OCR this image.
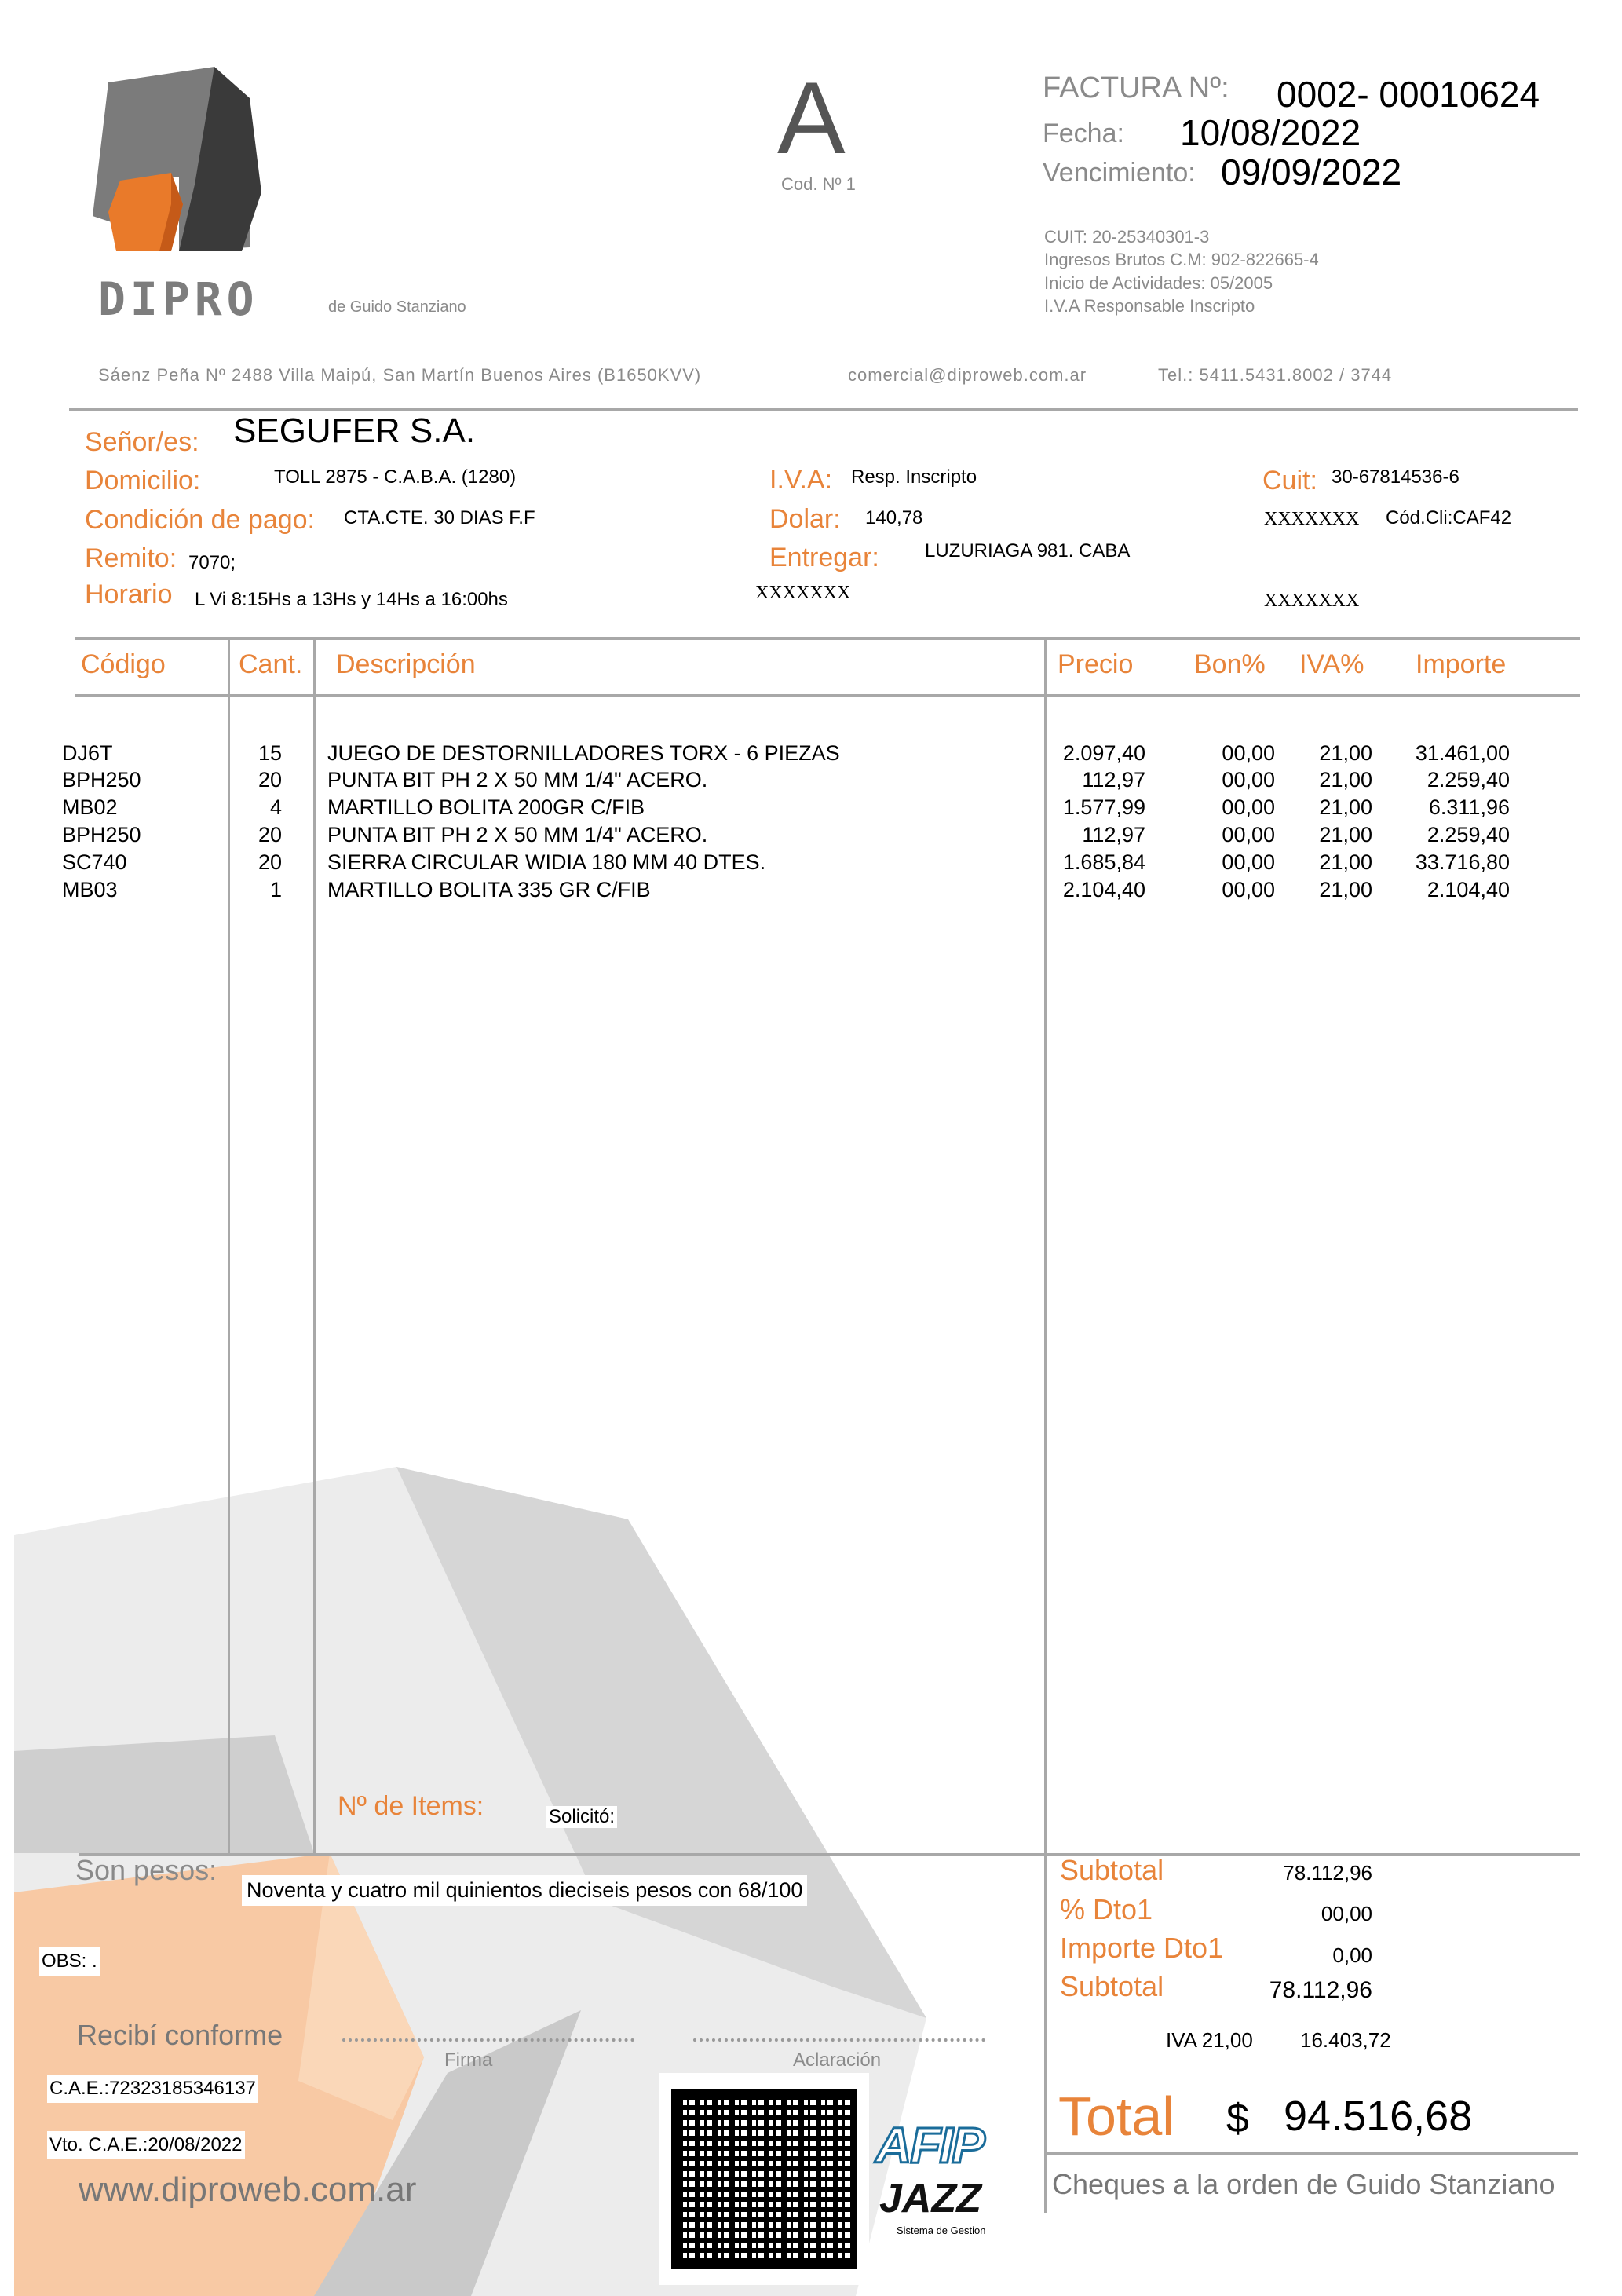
DIPRO	de Guido Stanziano
A
Cod. Nº 1
FACTURA Nº: 0002- 00010624
Fecha: 10/08/2022
Vencimiento: 09/09/2022
CUIT: 20-25340301-3
Ingresos Brutos C.M: 902-822665-4
Inicio de Actividades: 05/2005
I.V.A Responsable Inscripto
Sáenz Peña Nº 2488 Villa Maipú, San Martín Buenos Aires (B1650KVV)	comercial@diproweb.com.ar	Tel.: 5411.5431.8002 / 3744
Señor/es: SEGUFER S.A.
Domicilio:	TOLL 2875 - C.A.B.A. (1280)
Condición de pago: CTA.CTE. 30 DIAS F.F
Remito: 7070;
Horario L Vi 8:15Hs a 13Hs y 14Hs a 16:00hs
I.V.A: Resp. Inscripto
Dolar: 140,78
Entregar: LUZURIAGA 981. CABA
XXXXXXX
Cuit: 30-67814536-6
XXXXXXX Cód.Cli:CAF42
XXXXXXX
Código	Cant. Descripción	Precio Bon% IVA% Importe
DJ6T	15 JUEGO DE DESTORNILLADORES TORX - 6 PIEZAS	2.097,40	00,00	21,00	31.461,00
BPH250	20 PUNTA BIT PH 2 X 50 MM 1/4" ACERO.	112,97	00,00	21,00	2.259,40
MB02	4 MARTILLO BOLITA 200GR C/FIB	1.577,99	00,00	21,00	6.311,96
BPH250	20 PUNTA BIT PH 2 X 50 MM 1/4" ACERO.	112,97	00,00	21,00	2.259,40
SC740	20 SIERRA CIRCULAR WIDIA 180 MM 40 DTES.	1.685,84	00,00	21,00	33.716,80
MB03	1 MARTILLO BOLITA 335 GR C/FIB	2.104,40	00,00	21,00	2.104,40
Nº de Items:	Solicitó:
Son pesos:
Noventa y cuatro mil quinientos dieciseis pesos con 68/100
OBS: .
Recibí conforme
Firma	Aclaración
C.A.E.:72323185346137
Vto. C.A.E.:20/08/2022
www.diproweb.com.ar
AFIP
JAZZ
Sistema de Gestion
Subtotal	78.112,96
% Dto1	00,00
Importe Dto1	0,00
Subtotal	78.112,96
IVA 21,00 16.403,72
Total $ 94.516,68
Cheques a la orden de Guido Stanziano
